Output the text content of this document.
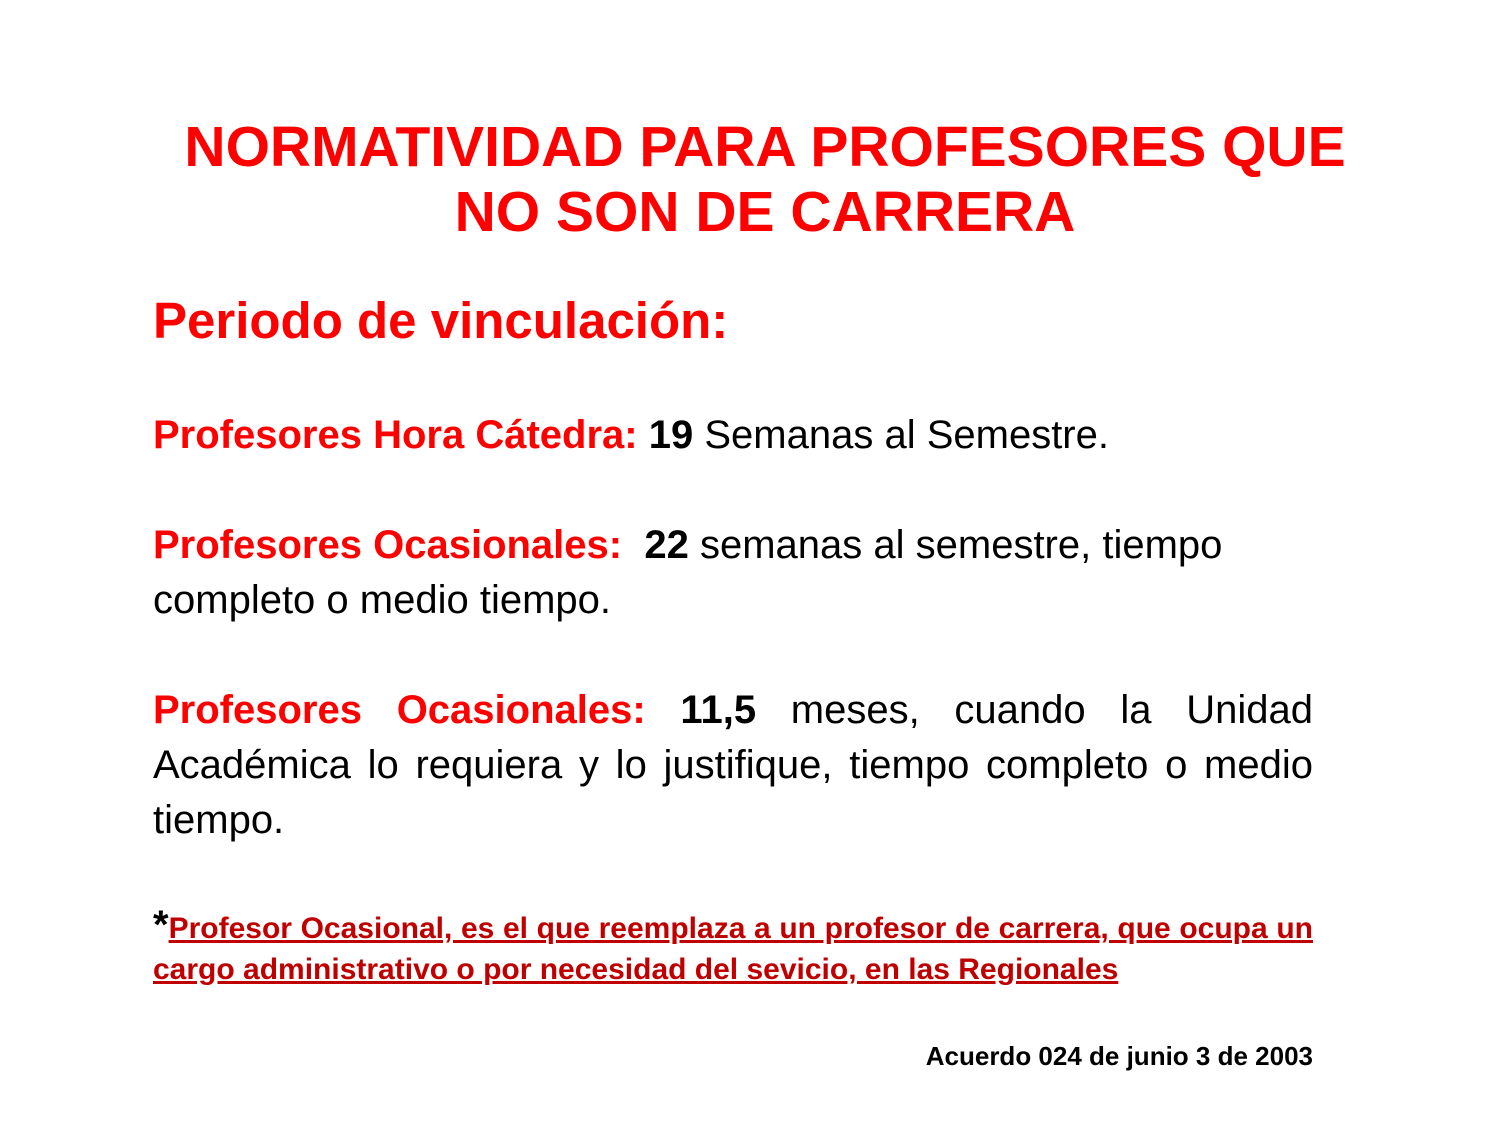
NORMATIVIDAD PARA PROFESORES QUE
NO SON DE CARRERA
Periodo de vinculación:

Profesores Hora Cátedra: 19 Semanas al Semestre.

Profesores Ocasionales: 22 semanas al semestre, tiempo completo o medio tiempo.

Profesores Ocasionales: 11,5 meses, cuando la Unidad Académica lo requiera y lo justifique, tiempo completo o medio tiempo.

*Profesor Ocasional, es el que reemplaza a un profesor de carrera, que ocupa un cargo administrativo o por necesidad del sevicio, en las Regionales

Acuerdo 024 de junio 3 de 2003
